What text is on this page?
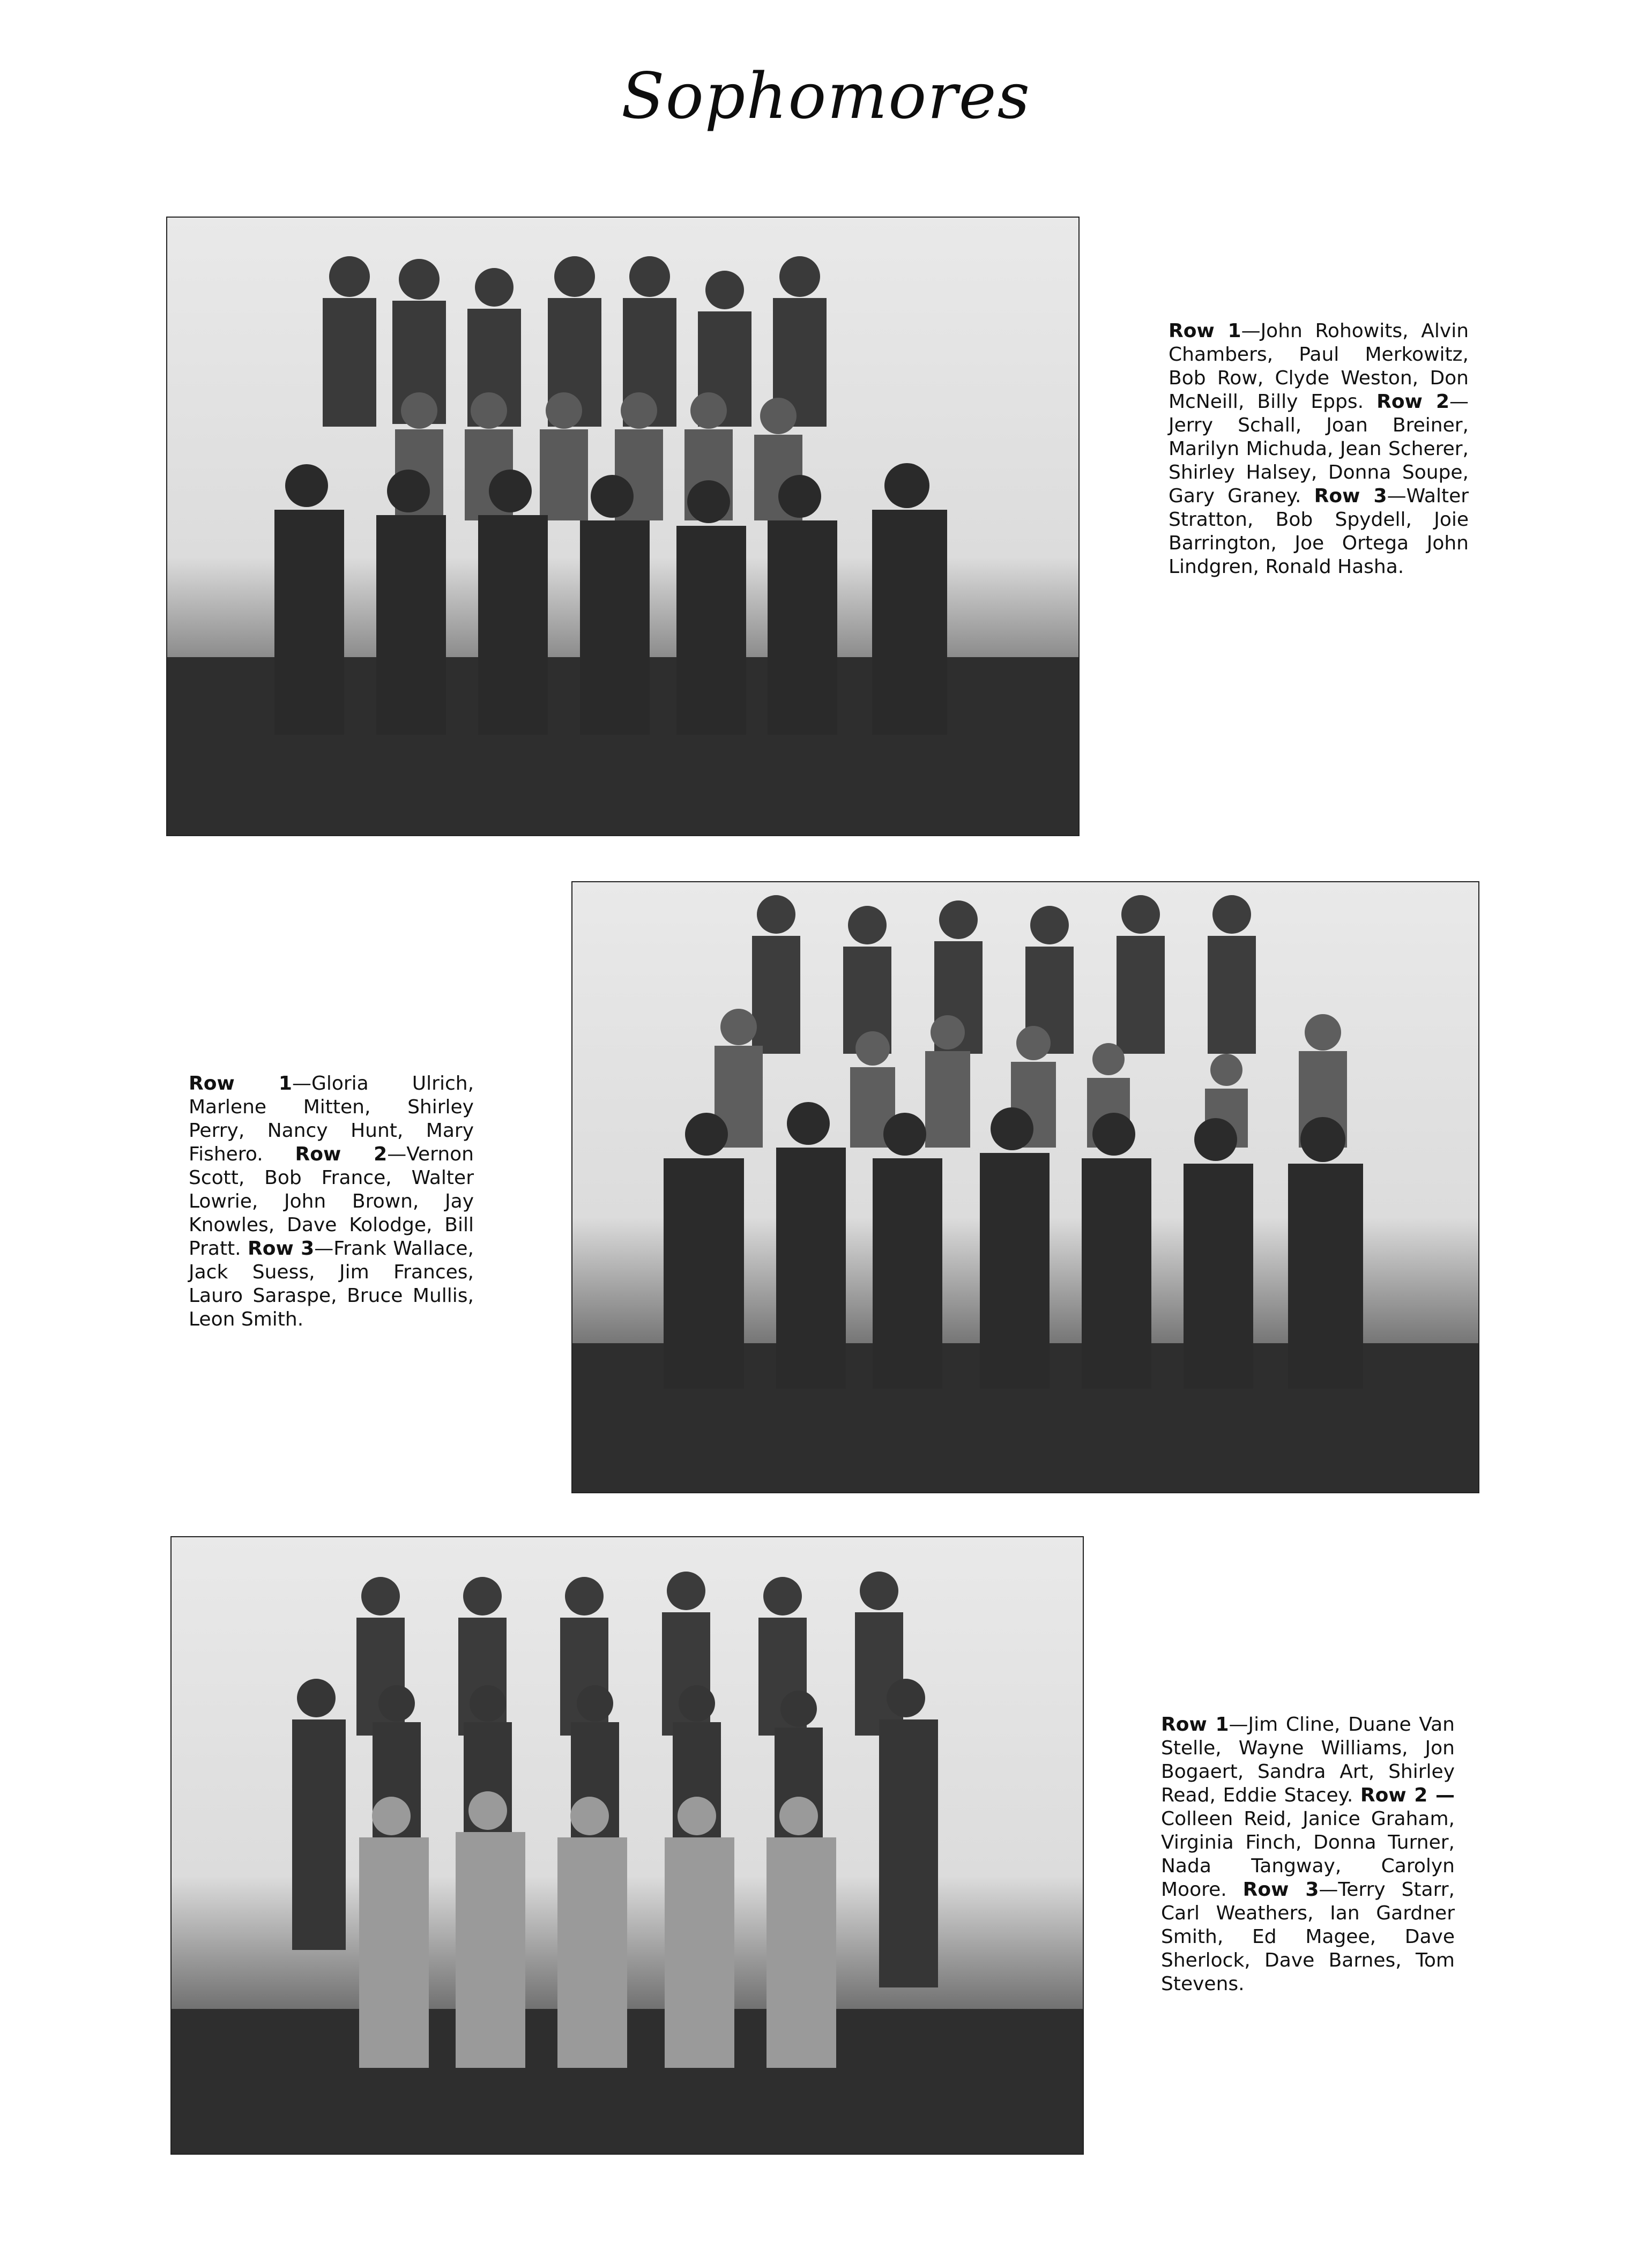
Sophomores
Row 1—John Rohowits, Alvin Chambers, Paul Merkowitz, Bob Row, Clyde Weston, Don McNeill, Billy Epps. Row 2—Jerry Schall, Joan Breiner, Marilyn Michuda, Jean Scherer, Shirley Halsey, Donna Soupe, Gary Graney. Row 3—Walter Stratton, Bob Spydell, Joie Barrington, Joe Ortega John Lindgren, Ronald Hasha.
Row 1—Gloria Ulrich, Marlene Mitten, Shirley Perry, Nancy Hunt, Mary Fishero. Row 2—Vernon Scott, Bob France, Walter Lowrie, John Brown, Jay Knowles, Dave Kolodge, Bill Pratt. Row 3—Frank Wallace, Jack Suess, Jim Frances, Lauro Saraspe, Bruce Mullis, Leon Smith.
Row 1—Jim Cline, Duane Van Stelle, Wayne Williams, Jon Bogaert, Sandra Art, Shirley Read, Eddie Stacey. Row 2 — Colleen Reid, Janice Graham, Virginia Finch, Donna Turner, Nada Tangway, Carolyn Moore. Row 3—Terry Starr, Carl Weathers, Ian Gardner Smith, Ed Magee, Dave Sherlock, Dave Barnes, Tom Stevens.
